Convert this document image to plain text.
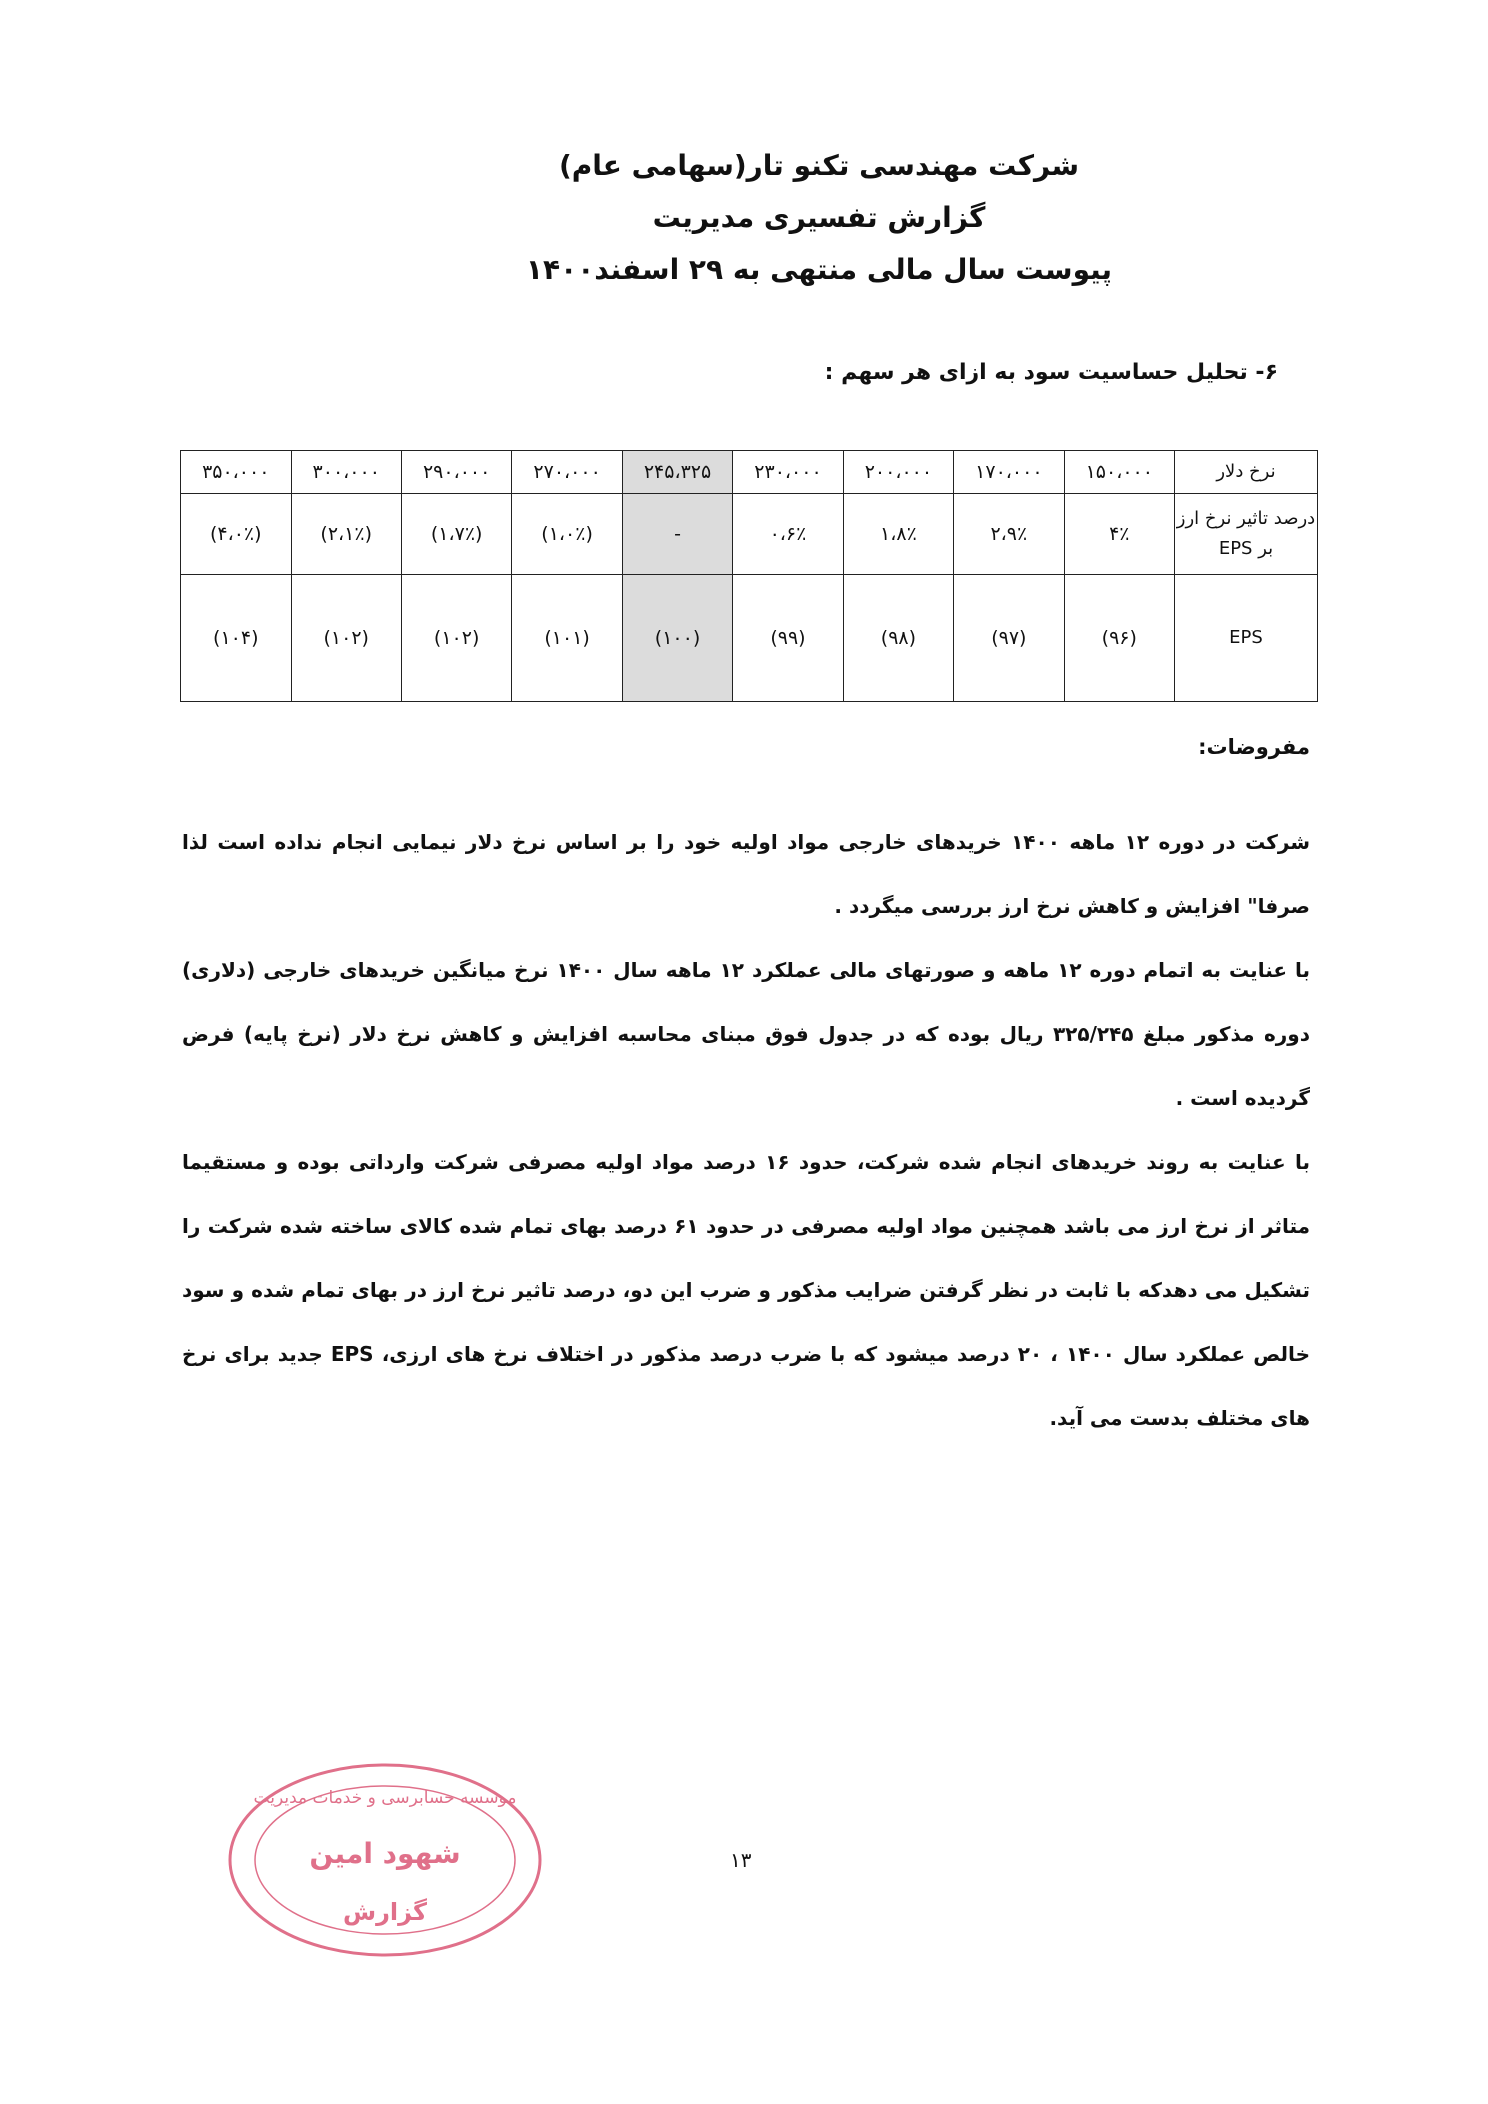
شرکت مهندسی تکنو تار(سهامی عام)
گزارش تفسیری مدیریت
پیوست سال مالی منتهی به ۲۹ اسفند۱۴۰۰
۶- تحلیل حساسیت سود به ازای هر سهم :
نرخ دلار	۱۵۰،۰۰۰	۱۷۰،۰۰۰	۲۰۰،۰۰۰	۲۳۰،۰۰۰	۲۴۵،۳۲۵	۲۷۰،۰۰۰	۲۹۰،۰۰۰	۳۰۰،۰۰۰	۳۵۰،۰۰۰
درصد تاثیر نرخ ارز بر EPS	۴٪	۲،۹٪	۱،۸٪	۰،۶٪	-	(۱،۰٪)	(۱،۷٪)	(۲،۱٪)	(۴،۰٪)
EPS	(۹۶)	(۹۷)	(۹۸)	(۹۹)	(۱۰۰)	(۱۰۱)	(۱۰۲)	(۱۰۲)	(۱۰۴)
مفروضات:
شرکت در دوره ۱۲ ماهه ۱۴۰۰ خریدهای خارجی مواد اولیه خود را بر اساس نرخ دلار نیمایی انجام نداده است لذا صرفا" افزایش و کاهش نرخ ارز بررسی میگردد .
با عنایت به اتمام دوره ۱۲ ماهه و صورتهای مالی عملکرد ۱۲ ماهه سال ۱۴۰۰ نرخ میانگین خریدهای خارجی (دلاری) دوره مذکور مبلغ ۳۲۵/۲۴۵ ریال بوده که در جدول فوق مبنای محاسبه افزایش و کاهش نرخ دلار (نرخ پایه) فرض گردیده است .
با عنایت به روند خریدهای انجام شده شرکت، حدود ۱۶ درصد مواد اولیه مصرفی شرکت وارداتی بوده و مستقیما متاثر از نرخ ارز می باشد همچنین مواد اولیه مصرفی در حدود ۶۱ درصد بهای تمام شده کالای ساخته شده شرکت را تشکیل می دهدکه با ثابت در نظر گرفتن ضرایب مذکور و ضرب این دو، درصد تاثیر نرخ ارز در بهای تمام شده و سود خالص عملکرد سال ۱۴۰۰ ، ۲۰ درصد میشود که با ضرب درصد مذکور در اختلاف نرخ های ارزی، EPS جدید برای نرخ های مختلف بدست می آید.
موسسه حسابرسی و خدمات مدیریت
شهود امین
گزارش
۱۳
